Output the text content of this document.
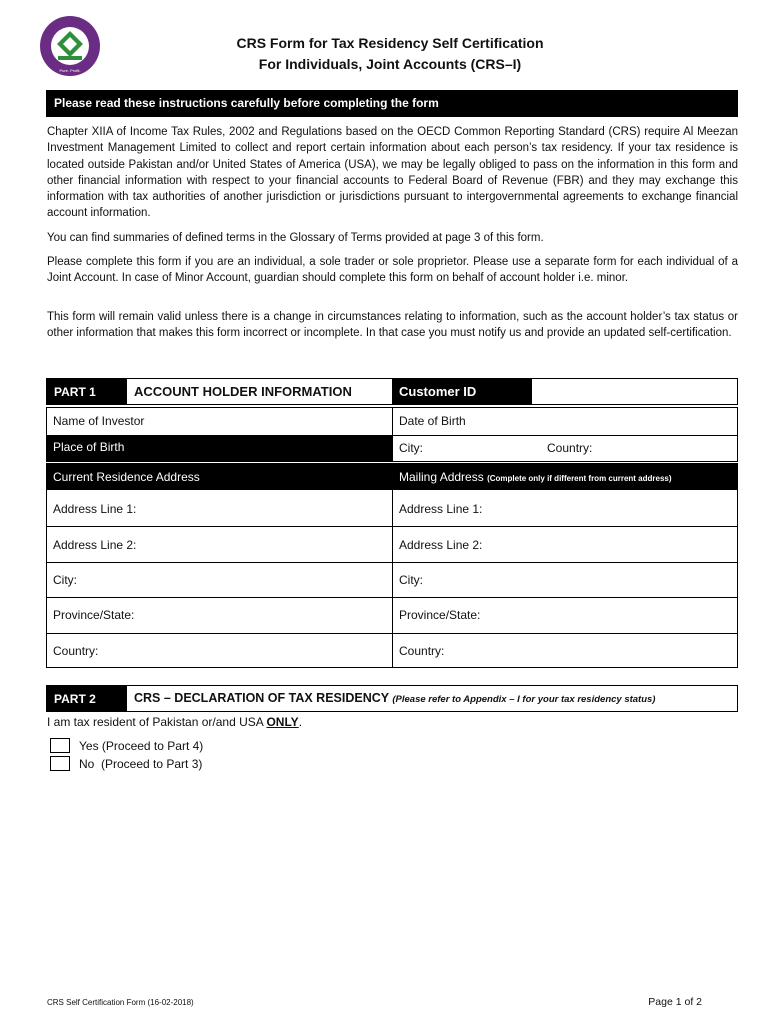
Pure. Profit.
CRS Form for Tax Residency Self Certification
For Individuals, Joint Accounts (CRS–I)
Please read these instructions carefully before completing the form

Chapter XIIA of Income Tax Rules, 2002 and Regulations based on the OECD Common Reporting Standard (CRS) require Al Meezan Investment Management Limited to collect and report certain information about each person’s tax residency. If your tax residence is located outside Pakistan and/or United States of America (USA), we may be legally obliged to pass on the information in this form and other financial information with respect to your financial accounts to Federal Board of Revenue (FBR) and they may exchange this information with tax authorities of another jurisdiction or jurisdictions pursuant to intergovernmental agreements to exchange financial account information.

You can find summaries of defined terms in the Glossary of Terms provided at page 3 of this form.

Please complete this form if you are an individual, a sole trader or sole proprietor. Please use a separate form for each individual of a Joint Account. In case of Minor Account, guardian should complete this form on behalf of account holder i.e. minor.

This form will remain valid unless there is a change in circumstances relating to information, such as the account holder’s tax status or other information that makes this form incorrect or incomplete. In that case you must notify us and provide an updated self-certification.

PART 1	ACCOUNT HOLDER INFORMATION	Customer ID
Name of Investor	Date of Birth
Place of Birth	City:	Country:
Current Residence Address	Mailing Address (Complete only if different from current address)
Address Line 1:	Address Line 1:
Address Line 2:	Address Line 2:
City:	City:
Province/State:	Province/State:
Country:	Country:
PART 2	CRS – DECLARATION OF TAX RESIDENCY (Please refer to Appendix – I for your tax residency status)
I am tax resident of Pakistan or/and USA ONLY.
Yes (Proceed to Part 4)
No  (Proceed to Part 3)
CRS Self Certification Form (16-02-2018)	Page 1 of 2
